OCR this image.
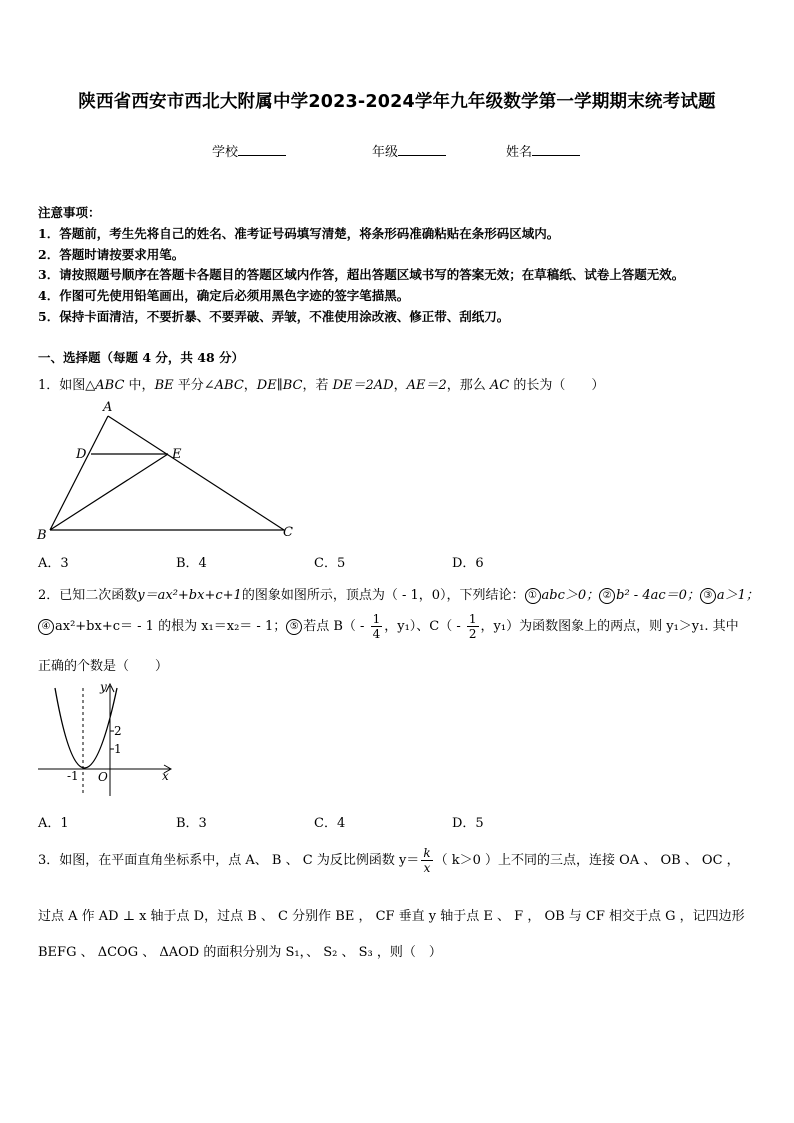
陕西省西安市西北大附属中学2023-2024学年九年级数学第一学期期末统考试题
学校	年级	姓名
注意事项：
1．答题前，考生先将自己的姓名、准考证号码填写清楚，将条形码准确粘贴在条形码区域内。
2．答题时请按要求用笔。
3．请按照题号顺序在答题卡各题目的答题区域内作答，超出答题区域书写的答案无效；在草稿纸、试卷上答题无效。
4．作图可先使用铅笔画出，确定后必须用黑色字迹的签字笔描黑。
5．保持卡面清洁，不要折暴、不要弄破、弄皱，不准使用涂改液、修正带、刮纸刀。
一、选择题（每题 4 分，共 48 分）
1．如图△ABC 中，BE 平分∠ABC，DE∥BC，若 DE＝2AD，AE＝2，那么 AC 的长为（　　）
A
D	E
B	C
A．3	B．4	C．5	D．6
2．已知二次函数y＝ax²+bx+c+1的图象如图所示，顶点为（ - 1，0），下列结论： ① abc＞0； ② b² - 4ac＝0； ③ a＞1；
④ ax²+bx+c＝ - 1 的根为 x₁＝x₂＝ - 1； ⑤ 若点 $B( - \frac{1}{4}$ ，y₁）、$C( - \frac{1}{2}$ ，y₁）为函数图象上的两点，则 y₁＞y₁. 其中
正确的个数是（　　）
y
x
O
-1
2
1
A．1	B．3	C．4	D．5
3．如图，在平面直角坐标系中，点 A、 B 、 C 为反比例函数 $y= \frac{k}{x}$ （ k＞0 ）上不同的三点，连接 OA 、 OB 、 OC ，
过点 A 作 AD ⊥ x 轴于点 D，过点 B 、 C 分别作 BE ， CF 垂直 y 轴于点 E 、 F ， OB 与 CF 相交于点 G ，记四边形
BEFG 、 ΔCOG 、 ΔAOD 的面积分别为 S₁，、 S₂ 、 S₃ ，则（　）
